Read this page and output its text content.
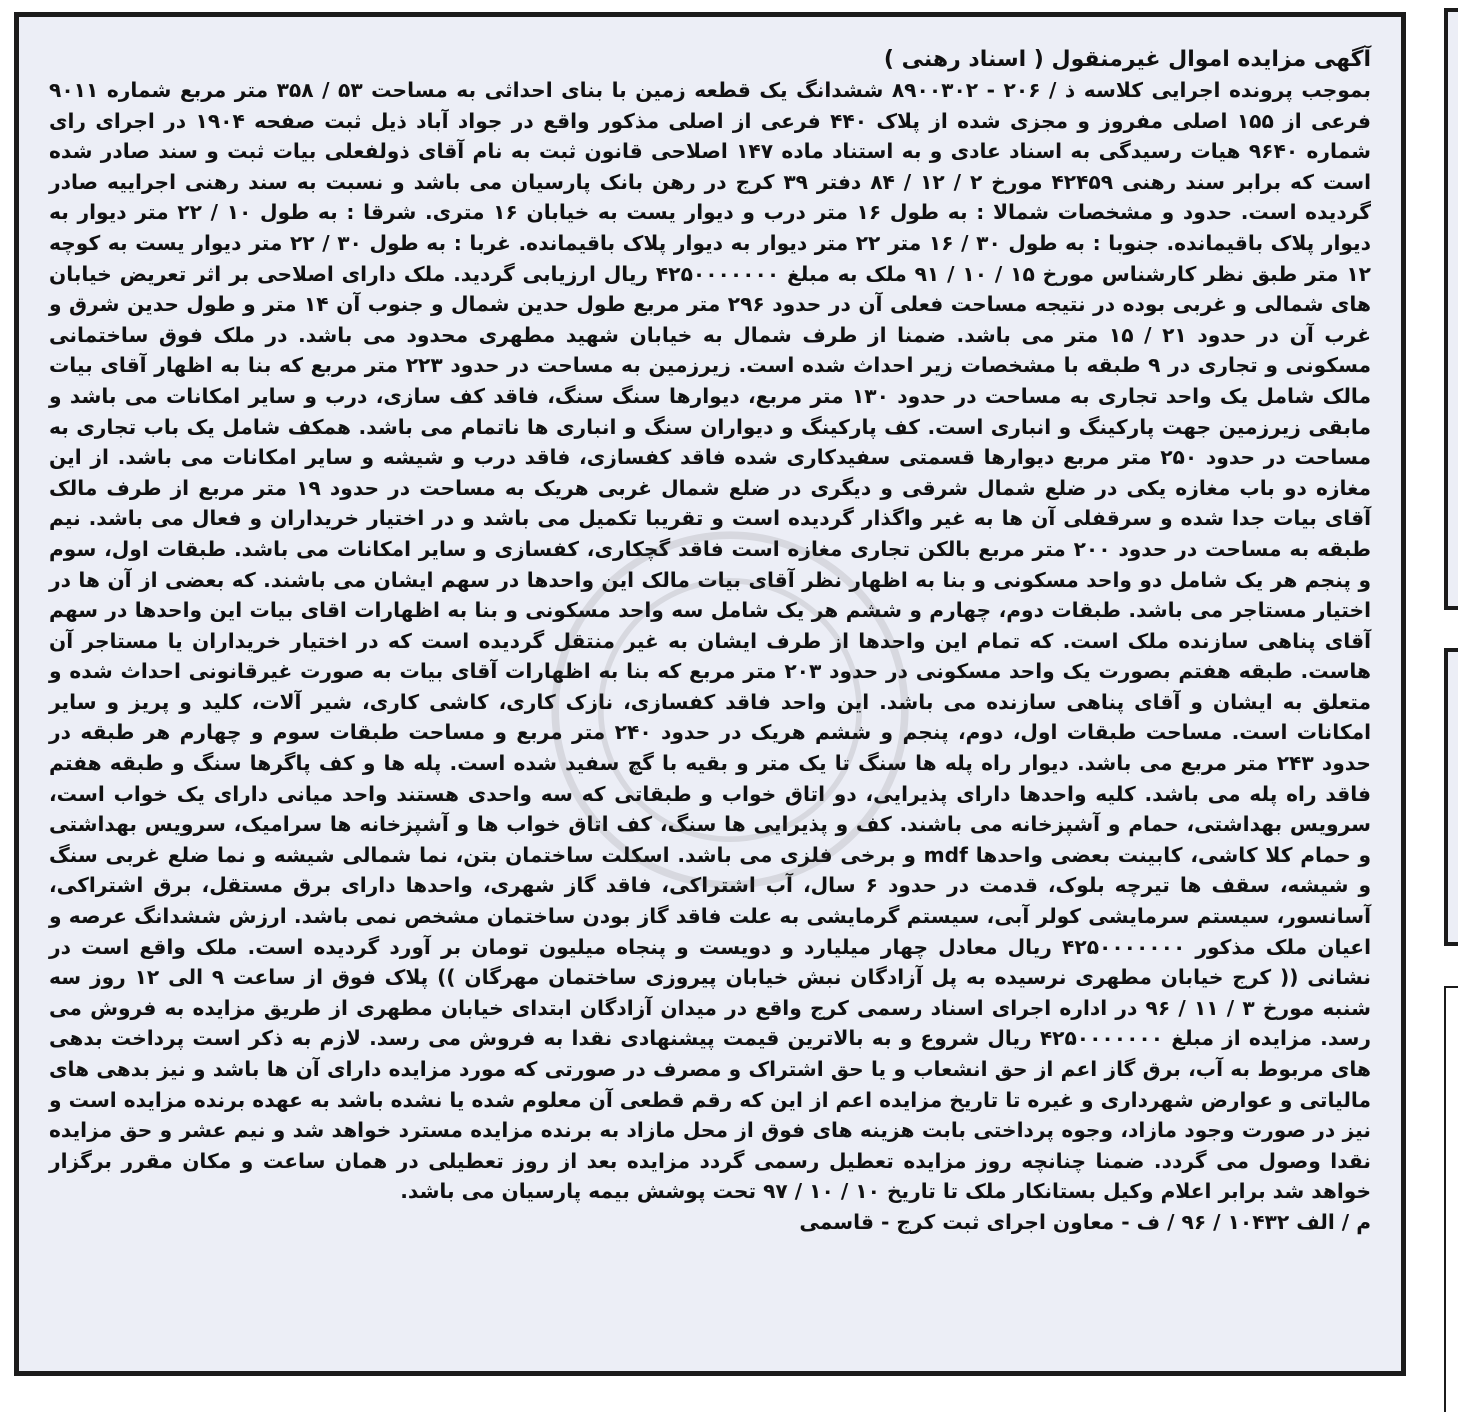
آگهی مزایده اموال غیرمنقول ( اسناد رهنی )

بموجب پرونده اجرایی کلاسه ذ / ۲۰۶ - ۸۹۰۰۳۰۲ ششدانگ یک قطعه زمین با بنای احداثی به مساحت ۵۳ / ۳۵۸ متر مربع شماره ۹۰۱۱ فرعی از ۱۵۵ اصلی مفروز و مجزی شده از پلاک ۴۴۰ فرعی از اصلی مذکور واقع در جواد آباد ذیل ثبت صفحه ۱۹۰۴ در اجرای رای شماره ۹۶۴۰ هیات رسیدگی به اسناد عادی و به استناد ماده ۱۴۷ اصلاحی قانون ثبت به نام آقای ذولفعلی بیات ثبت و سند صادر شده است که برابر سند رهنی ۴۲۴۵۹ مورخ ۲ / ۱۲ / ۸۴ دفتر ۳۹ کرج در رهن بانک پارسیان می باشد و نسبت به سند رهنی اجراییه صادر گردیده است. حدود و مشخصات شمالا : به طول ۱۶ متر درب و دیوار یست به خیابان ۱۶ متری. شرقا : به طول ۱۰ / ۲۲ متر دیوار به دیوار پلاک باقیمانده. جنوبا : به طول ۳۰ / ۱۶ متر ۲۲ متر دیوار به دیوار پلاک باقیمانده. غربا : به طول ۳۰ / ۲۲ متر دیوار یست به کوچه ۱۲ متر طبق نظر کارشناس مورخ ۱۵ / ۱۰ / ۹۱ ملک به مبلغ ۴۲۵۰۰۰۰۰۰۰ ریال ارزیابی گردید. ملک دارای اصلاحی بر اثر تعریض خیابان های شمالی و غربی بوده در نتیجه مساحت فعلی آن در حدود ۲۹۶ متر مربع طول حدین شمال و جنوب آن ۱۴ متر و طول حدین شرق و غرب آن در حدود ۲۱ / ۱۵ متر می باشد. ضمنا از طرف شمال به خیابان شهید مطهری محدود می باشد. در ملک فوق ساختمانی مسکونی و تجاری در ۹ طبقه با مشخصات زیر احداث شده است. زیرزمین به مساحت در حدود ۲۲۳ متر مربع که بنا به اظهار آقای بیات مالک شامل یک واحد تجاری به مساحت در حدود ۱۳۰ متر مربع، دیوارها سنگ سنگ، فاقد کف سازی، درب و سایر امکانات می باشد و مابقی زیرزمین جهت پارکینگ و انباری است. کف پارکینگ و دیواران سنگ و انباری ها ناتمام می باشد. همکف شامل یک باب تجاری به مساحت در حدود ۲۵۰ متر مربع دیوارها قسمتی سفیدکاری شده فاقد کفسازی، فاقد درب و شیشه و سایر امکانات می باشد. از این مغازه دو باب مغازه یکی در ضلع شمال شرقی و دیگری در ضلع شمال غربی هریک به مساحت در حدود ۱۹ متر مربع از طرف مالک آقای بیات جدا شده و سرقفلی آن ها به غیر واگذار گردیده است و تقریبا تکمیل می باشد و در اختیار خریداران و فعال می باشد. نیم طبقه به مساحت در حدود ۲۰۰ متر مربع بالکن تجاری مغازه است فاقد گچکاری، کفسازی و سایر امکانات می باشد. طبقات اول، سوم و پنجم هر یک شامل دو واحد مسکونی و بنا به اظهار نظر آقای بیات مالک این واحدها در سهم ایشان می باشند. که بعضی از آن ها در اختیار مستاجر می باشد. طبقات دوم، چهارم و ششم هر یک شامل سه واحد مسکونی و بنا به اظهارات اقای بیات این واحدها در سهم آقای پناهی سازنده ملک است. که تمام این واحدها از طرف ایشان به غیر منتقل گردیده است که در اختیار خریداران یا مستاجر آن هاست. طبقه هفتم بصورت یک واحد مسکونی در حدود ۲۰۳ متر مربع که بنا به اظهارات آقای بیات به صورت غیرقانونی احداث شده و متعلق به ایشان و آقای پناهی سازنده می باشد. این واحد فاقد کفسازی، نازک کاری، کاشی کاری، شیر آلات، کلید و پریز و سایر امکانات است. مساحت طبقات اول، دوم، پنجم و ششم هریک در حدود ۲۴۰ متر مربع و مساحت طبقات سوم و چهارم هر طبقه در حدود ۲۴۳ متر مربع می باشد. دیوار راه پله ها سنگ تا یک متر و بقیه با گچ سفید شده است. پله ها و کف پاگرها سنگ و طبقه هفتم فاقد راه پله می باشد. کلیه واحدها دارای پذیرایی، دو اتاق خواب و طبقاتی که سه واحدی هستند واحد میانی دارای یک خواب است، سرویس بهداشتی، حمام و آشپزخانه می باشند. کف و پذیرایی ها سنگ، کف اتاق خواب ها و آشپزخانه ها سرامیک، سرویس بهداشتی و حمام کلا کاشی، کابینت بعضی واحدها mdf و برخی فلزی می باشد. اسکلت ساختمان بتن، نما شمالی شیشه و نما ضلع غربی سنگ و شیشه، سقف ها تیرچه بلوک، قدمت در حدود ۶ سال، آب اشتراکی، فاقد گاز شهری، واحدها دارای برق مستقل، برق اشتراکی، آسانسور، سیستم سرمایشی کولر آبی، سیستم گرمایشی به علت فاقد گاز بودن ساختمان مشخص نمی باشد. ارزش ششدانگ عرصه و اعیان ملک مذکور ۴۲۵۰۰۰۰۰۰۰ ریال معادل چهار میلیارد و دویست و پنجاه میلیون تومان بر آورد گردیده است. ملک واقع است در نشانی (( کرج خیابان مطهری نرسیده به پل آزادگان نبش خیابان پیروزی ساختمان مهرگان )) پلاک فوق از ساعت ۹ الی ۱۲ روز سه شنبه مورخ ۳ / ۱۱ / ۹۶ در اداره اجرای اسناد رسمی کرج واقع در میدان آزادگان ابتدای خیابان مطهری از طریق مزایده به فروش می رسد. مزایده از مبلغ ۴۲۵۰۰۰۰۰۰۰ ریال شروع و به بالاترین قیمت پیشنهادی نقدا به فروش می رسد. لازم به ذکر است پرداخت بدهی های مربوط به آب، برق گاز اعم از حق انشعاب و یا حق اشتراک و مصرف در صورتی که مورد مزایده دارای آن ها باشد و نیز بدهی های مالیاتی و عوارض شهرداری و غیره تا تاریخ مزایده اعم از این که رقم قطعی آن معلوم شده یا نشده باشد به عهده برنده مزایده است و نیز در صورت وجود مازاد، وجوه پرداختی بابت هزینه های فوق از محل مازاد به برنده مزایده مسترد خواهد شد و نیم عشر و حق مزایده نقدا وصول می گردد. ضمنا چنانچه روز مزایده تعطیل رسمی گردد مزایده بعد از روز تعطیلی در همان ساعت و مکان مقرر برگزار خواهد شد برابر اعلام وکیل بستانکار ملک تا تاریخ ۱۰ / ۱۰ / ۹۷ تحت پوشش بیمه پارسیان می باشد.

م / الف ۱۰۴۳۲ / ۹۶ / ف - معاون اجرای ثبت کرج - قاسمی
